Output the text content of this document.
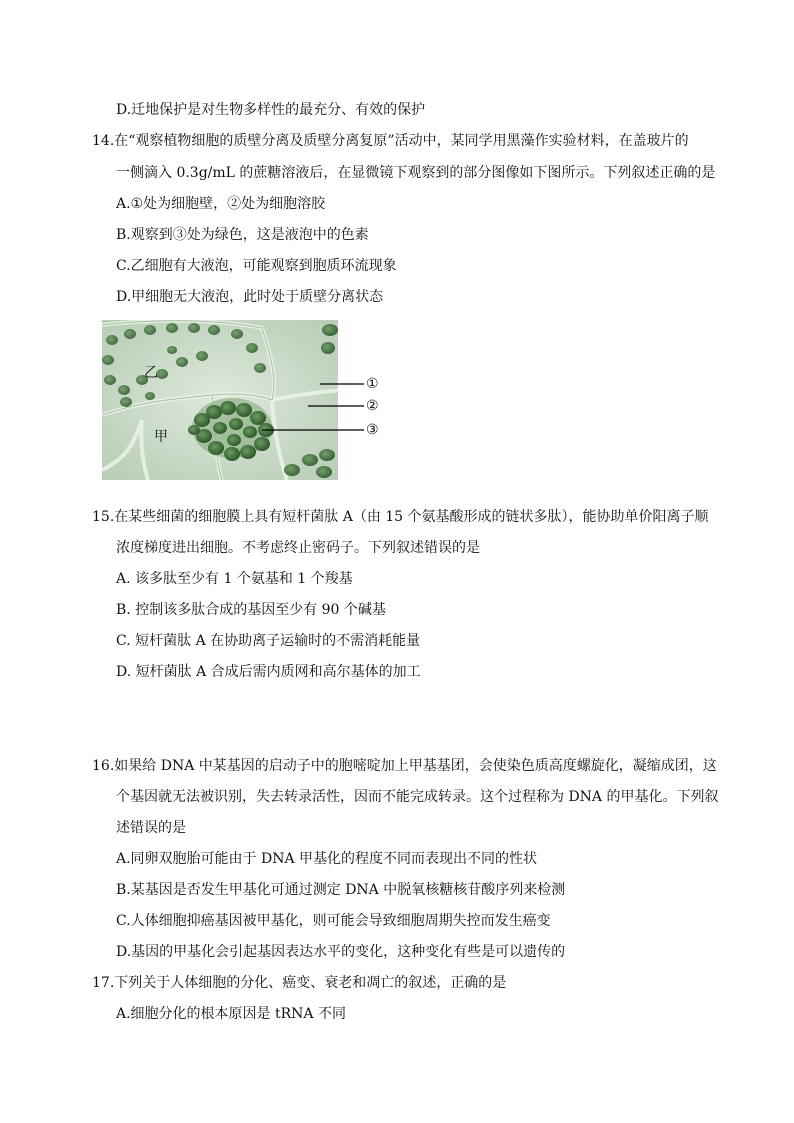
D.迁地保护是对生物多样性的最充分、有效的保护
14.在“观察植物细胞的质壁分离及质壁分离复原”活动中，某同学用黑藻作实验材料，在盖玻片的
一侧滴入 0.3g/mL 的蔗糖溶液后，在显微镜下观察到的部分图像如下图所示。下列叙述正确的是
A.①处为细胞壁，②处为细胞溶胶
B.观察到③处为绿色，这是液泡中的色素
C.乙细胞有大液泡，可能观察到胞质环流现象
D.甲细胞无大液泡，此时处于质壁分离状态
乙
甲
①
②
③
15.在某些细菌的细胞膜上具有短杆菌肽 A（由 15 个氨基酸形成的链状多肽），能协助单价阳离子顺
浓度梯度进出细胞。不考虑终止密码子。下列叙述错误的是
A. 该多肽至少有 1 个氨基和 1 个羧基
B. 控制该多肽合成的基因至少有 90 个碱基
C. 短杆菌肽 A 在协助离子运输时的不需消耗能量
D. 短杆菌肽 A 合成后需内质网和高尔基体的加工
16.如果给 DNA 中某基因的启动子中的胞嘧啶加上甲基基团，会使染色质高度螺旋化，凝缩成团，这
个基因就无法被识别，失去转录活性，因而不能完成转录。这个过程称为 DNA 的甲基化。下列叙
述错误的是
A.同卵双胞胎可能由于 DNA 甲基化的程度不同而表现出不同的性状
B.某基因是否发生甲基化可通过测定 DNA 中脱氧核糖核苷酸序列来检测
C.人体细胞抑癌基因被甲基化，则可能会导致细胞周期失控而发生癌变
D.基因的甲基化会引起基因表达水平的变化，这种变化有些是可以遗传的
17.下列关于人体细胞的分化、癌变、衰老和凋亡的叙述，正确的是
A.细胞分化的根本原因是 tRNA 不同
